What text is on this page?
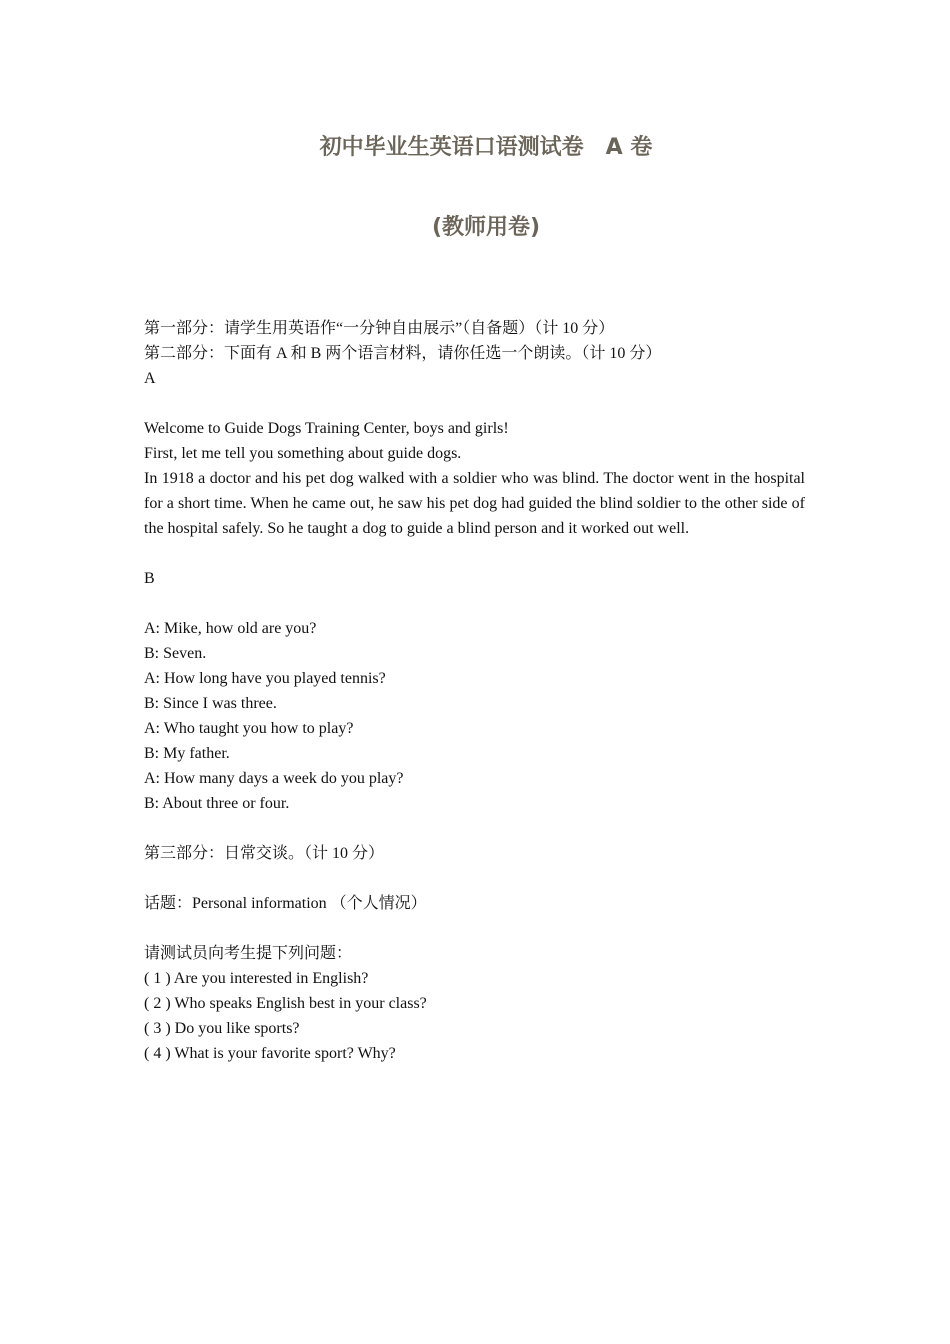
初中毕业生英语口语测试卷　A 卷
(教师用卷)
第一部分：请学生用英语作“一分钟自由展示”（自备题）（计 10 分）
第二部分：下面有 A 和 B 两个语言材料，请你任选一个朗读。（计 10 分）
A
Welcome to Guide Dogs Training Center, boys and girls!
First, let me tell you something about guide dogs.
In 1918 a doctor and his pet dog walked with a soldier who was blind. The doctor went in the hospital for a short time. When he came out, he saw his pet dog had guided the blind soldier to the other side of the hospital safely. So he taught a dog to guide a blind person and it worked out well.
B
A: Mike, how old are you?
B: Seven.
A: How long have you played tennis?
B: Since I was three.
A: Who taught you how to play?
B: My father.
A: How many days a week do you play?
B: About three or four.
第三部分：日常交谈。（计 10 分）
话题：Personal information （个人情况）
请测试员向考生提下列问题：
( 1 ) Are you interested in English?
( 2 ) Who speaks English best in your class?
( 3 ) Do you like sports?
( 4 ) What is your favorite sport? Why?
